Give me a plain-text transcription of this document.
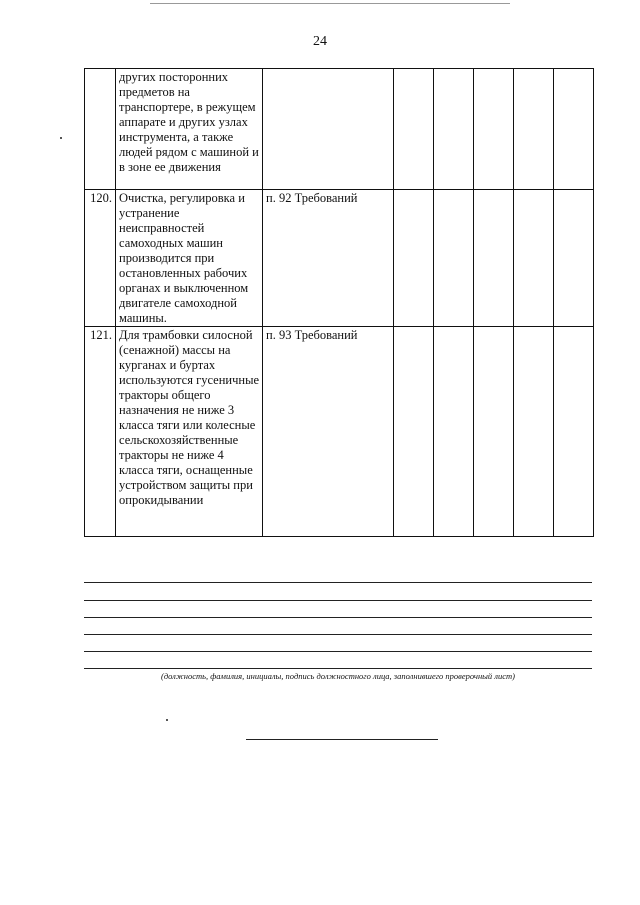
24
	других посторонних предметов на транспортере, в режущем аппарате и других узлах инструмента, а также людей рядом с машиной и в зоне ее движения						
120.	Очистка, регулировка и устранение неисправностей самоходных машин производится при остановленных рабочих органах и выключенном двигателе самоходной машины.	п. 92 Требований					
121.	Для трамбовки силосной (сенажной) массы на курганах и буртах используются гусеничные тракторы общего назначения не ниже 3 класса тяги или колесные сельскохозяйственные тракторы не ниже 4 класса тяги, оснащенные устройством защиты при опрокидывании	п. 93 Требований					
(должность, фамилия, инициалы, подпись должностного лица, заполнившего проверочный лист)
